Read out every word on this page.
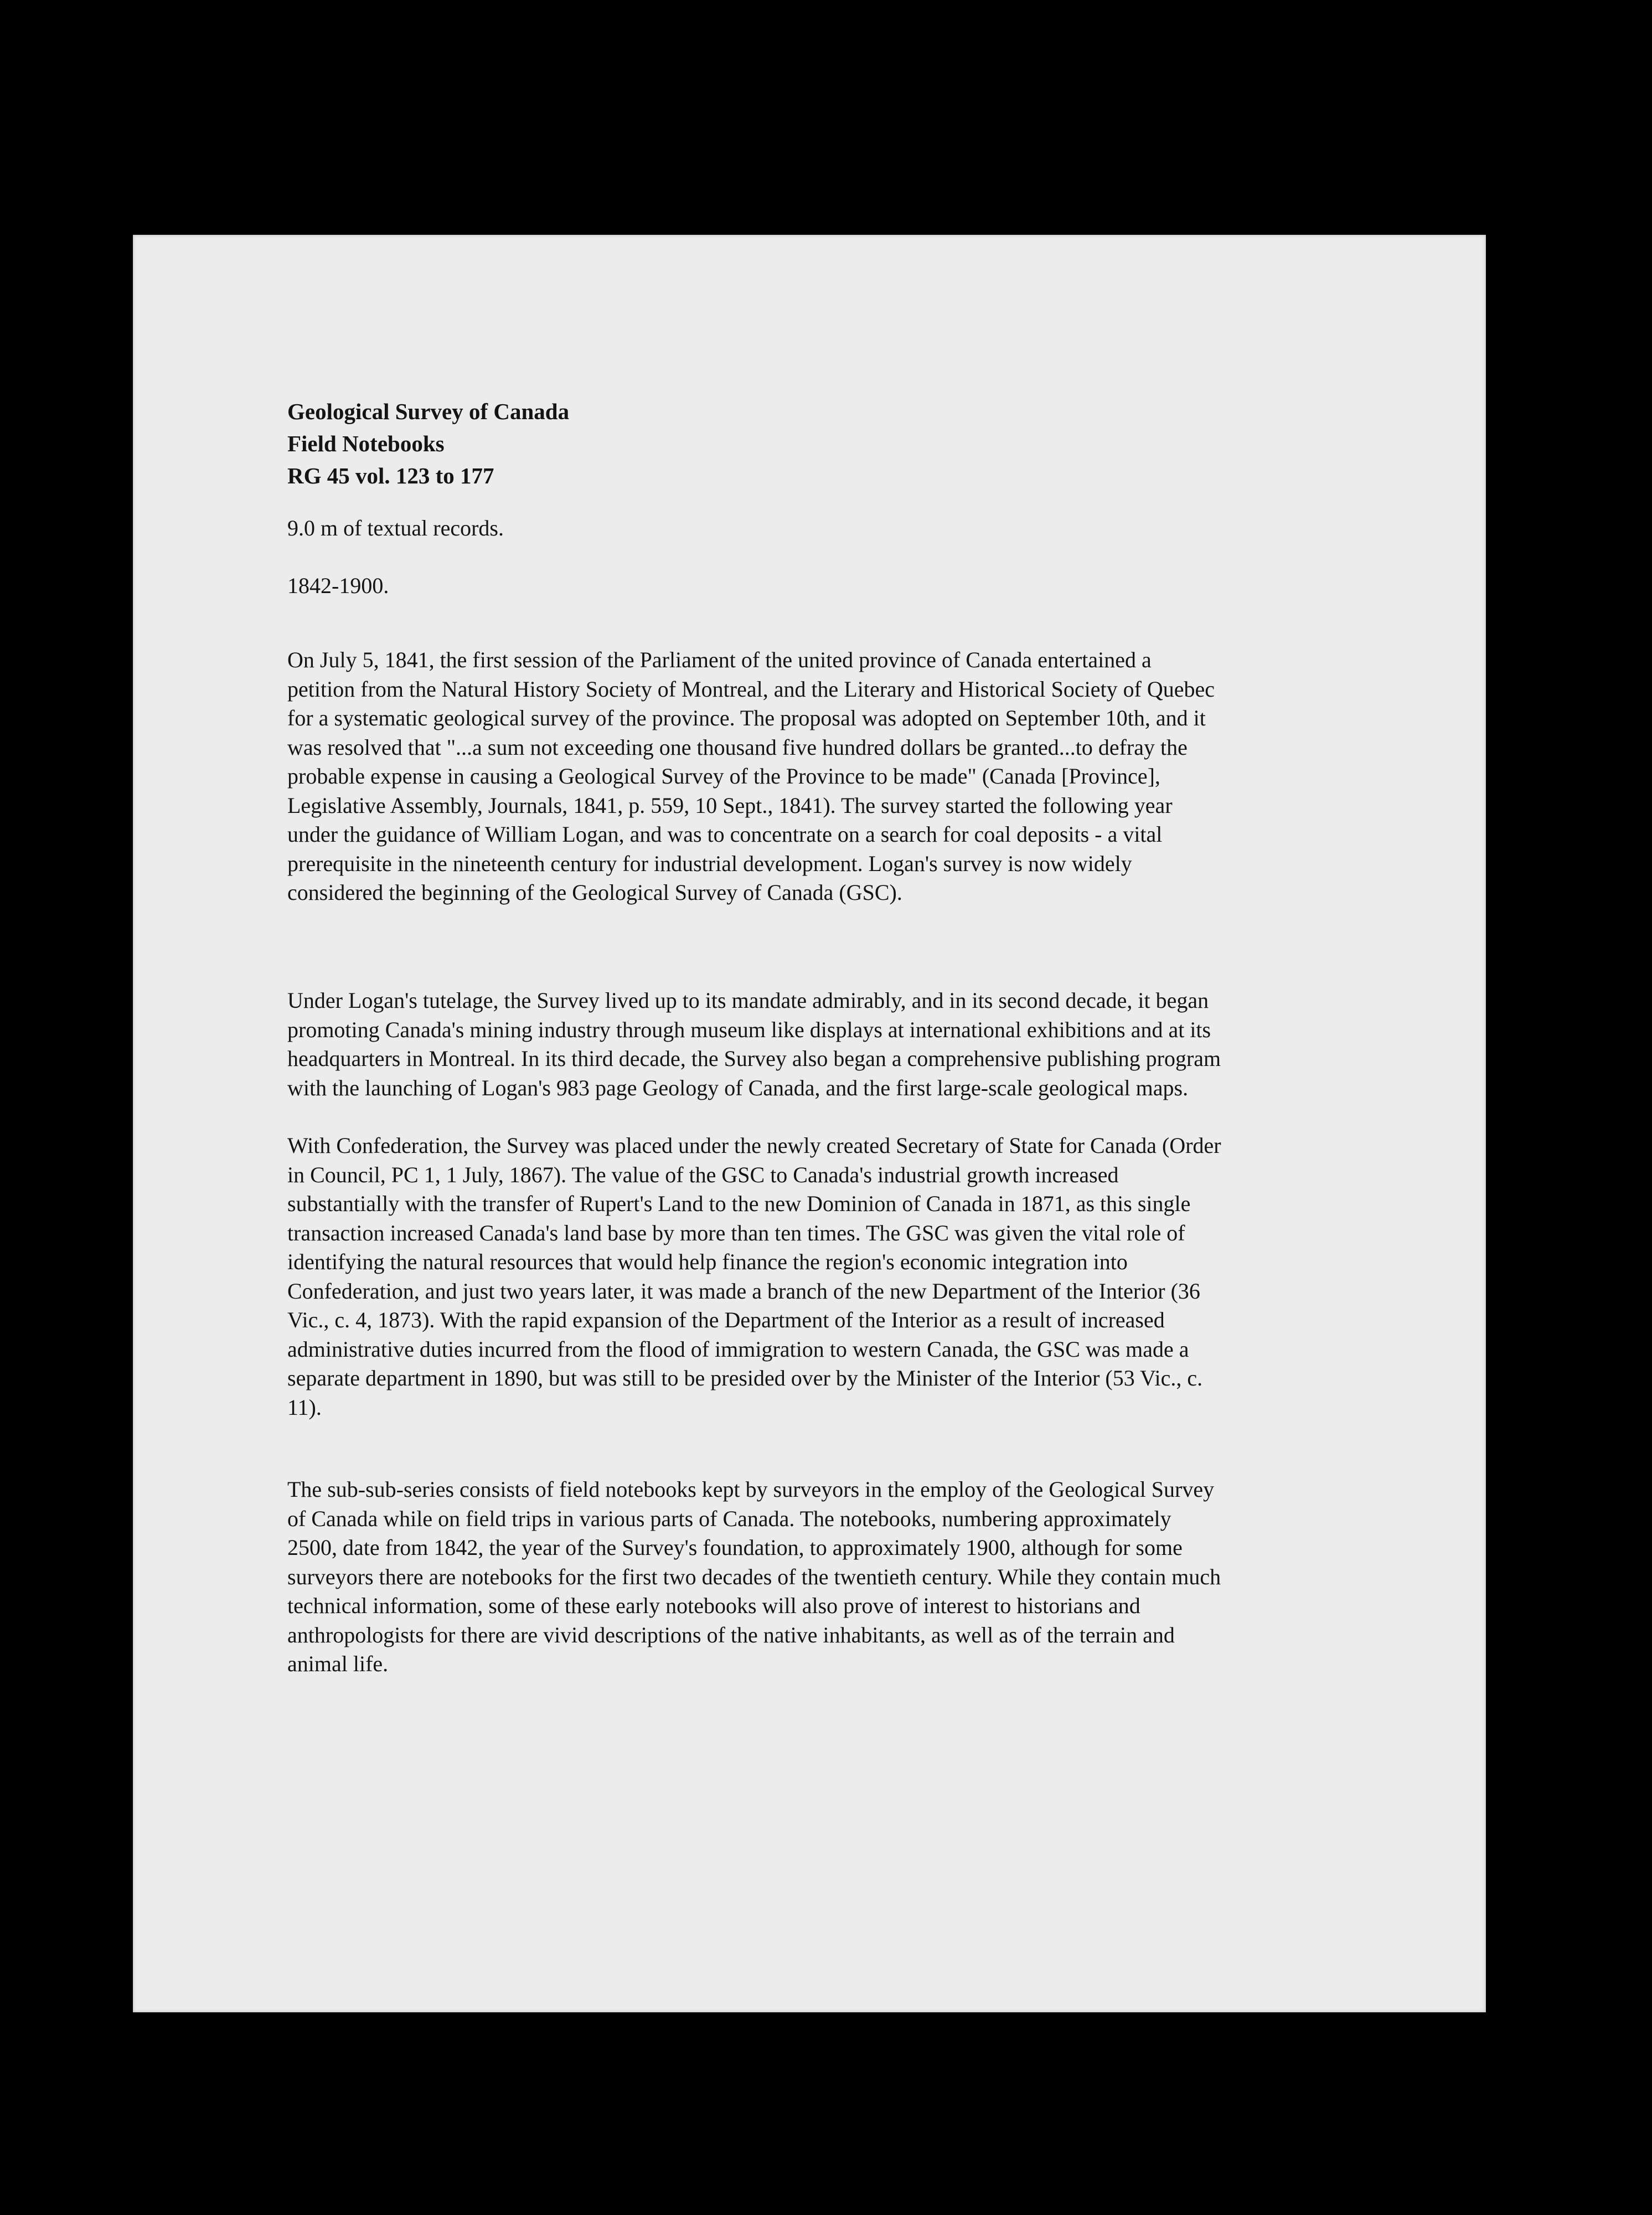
Geological Survey of Canada
Field Notebooks
RG 45 vol. 123 to 177

9.0 m of textual records.

1842-1900.

On July 5, 1841, the first session of the Parliament of the united province of Canada entertained a
petition from the Natural History Society of Montreal, and the Literary and Historical Society of Quebec
for a systematic geological survey of the province. The proposal was adopted on September 10th, and it
was resolved that "...a sum not exceeding one thousand five hundred dollars be granted...to defray the
probable expense in causing a Geological Survey of the Province to be made" (Canada [Province],
Legislative Assembly, Journals, 1841, p. 559, 10 Sept., 1841). The survey started the following year
under the guidance of William Logan, and was to concentrate on a search for coal deposits - a vital
prerequisite in the nineteenth century for industrial development. Logan's survey is now widely
considered the beginning of the Geological Survey of Canada (GSC).

Under Logan's tutelage, the Survey lived up to its mandate admirably, and in its second decade, it began
promoting Canada's mining industry through museum like displays at international exhibitions and at its
headquarters in Montreal. In its third decade, the Survey also began a comprehensive publishing program
with the launching of Logan's 983 page Geology of Canada, and the first large-scale geological maps.

With Confederation, the Survey was placed under the newly created Secretary of State for Canada (Order
in Council, PC 1, 1 July, 1867). The value of the GSC to Canada's industrial growth increased
substantially with the transfer of Rupert's Land to the new Dominion of Canada in 1871, as this single
transaction increased Canada's land base by more than ten times. The GSC was given the vital role of
identifying the natural resources that would help finance the region's economic integration into
Confederation, and just two years later, it was made a branch of the new Department of the Interior (36
Vic., c. 4, 1873). With the rapid expansion of the Department of the Interior as a result of increased
administrative duties incurred from the flood of immigration to western Canada, the GSC was made a
separate department in 1890, but was still to be presided over by the Minister of the Interior (53 Vic., c.
11).

The sub-sub-series consists of field notebooks kept by surveyors in the employ of the Geological Survey
of Canada while on field trips in various parts of Canada. The notebooks, numbering approximately
2500, date from 1842, the year of the Survey's foundation, to approximately 1900, although for some
surveyors there are notebooks for the first two decades of the twentieth century. While they contain much
technical information, some of these early notebooks will also prove of interest to historians and
anthropologists for there are vivid descriptions of the native inhabitants, as well as of the terrain and
animal life.
